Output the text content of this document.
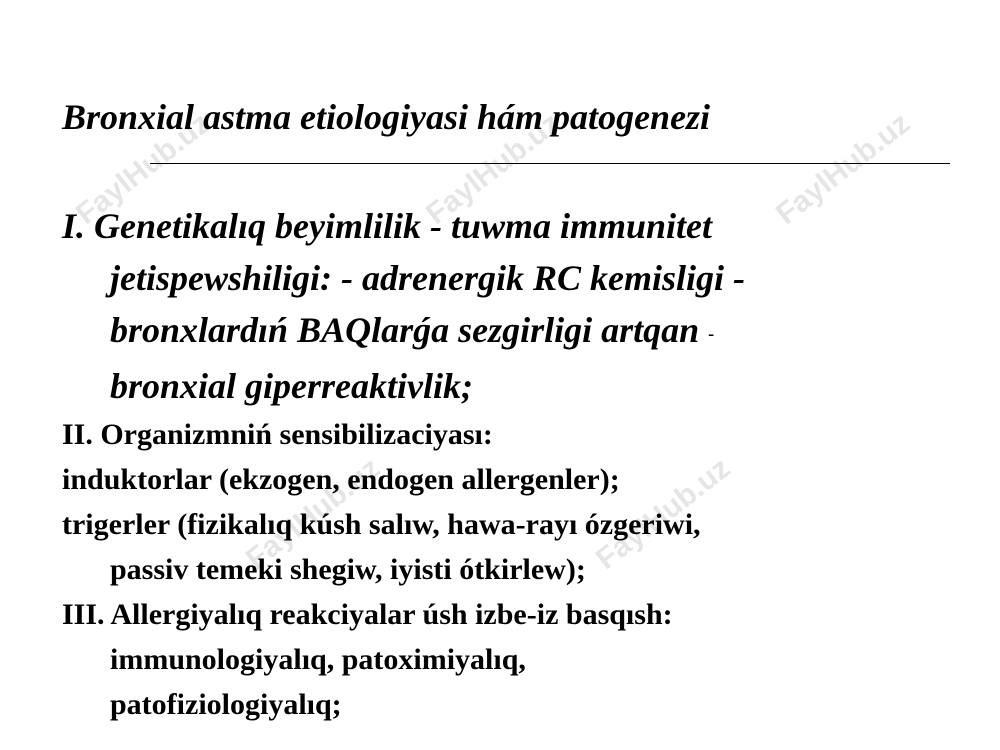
FaylHub.uz	FaylHub.uz	FaylHub.uz
FaylHub.uz	FaylHub.uz
Bronxial astma etiologiyasi hám patogenezi

I. Genetikalıq beyimlilik - tuwma immunitet
jetispewshiligi: - adrenergik RC kemisligi -
bronxlardıń BAQlarǵa sezgirligi artqan -
bronxial giperreaktivlik;

II. Organizmniń sensibilizaciyası:

induktorlar (ekzogen, endogen allergenler);

trigerler (fizikalıq kúsh salıw, hawa-rayı ózgeriwi,
passiv temeki shegiw, iyisti ótkirlew);

III. Allergiyalıq reakciyalar úsh izbe-iz basqısh:
immunologiyalıq, patoximiyalıq,
patofiziologiyalıq;
